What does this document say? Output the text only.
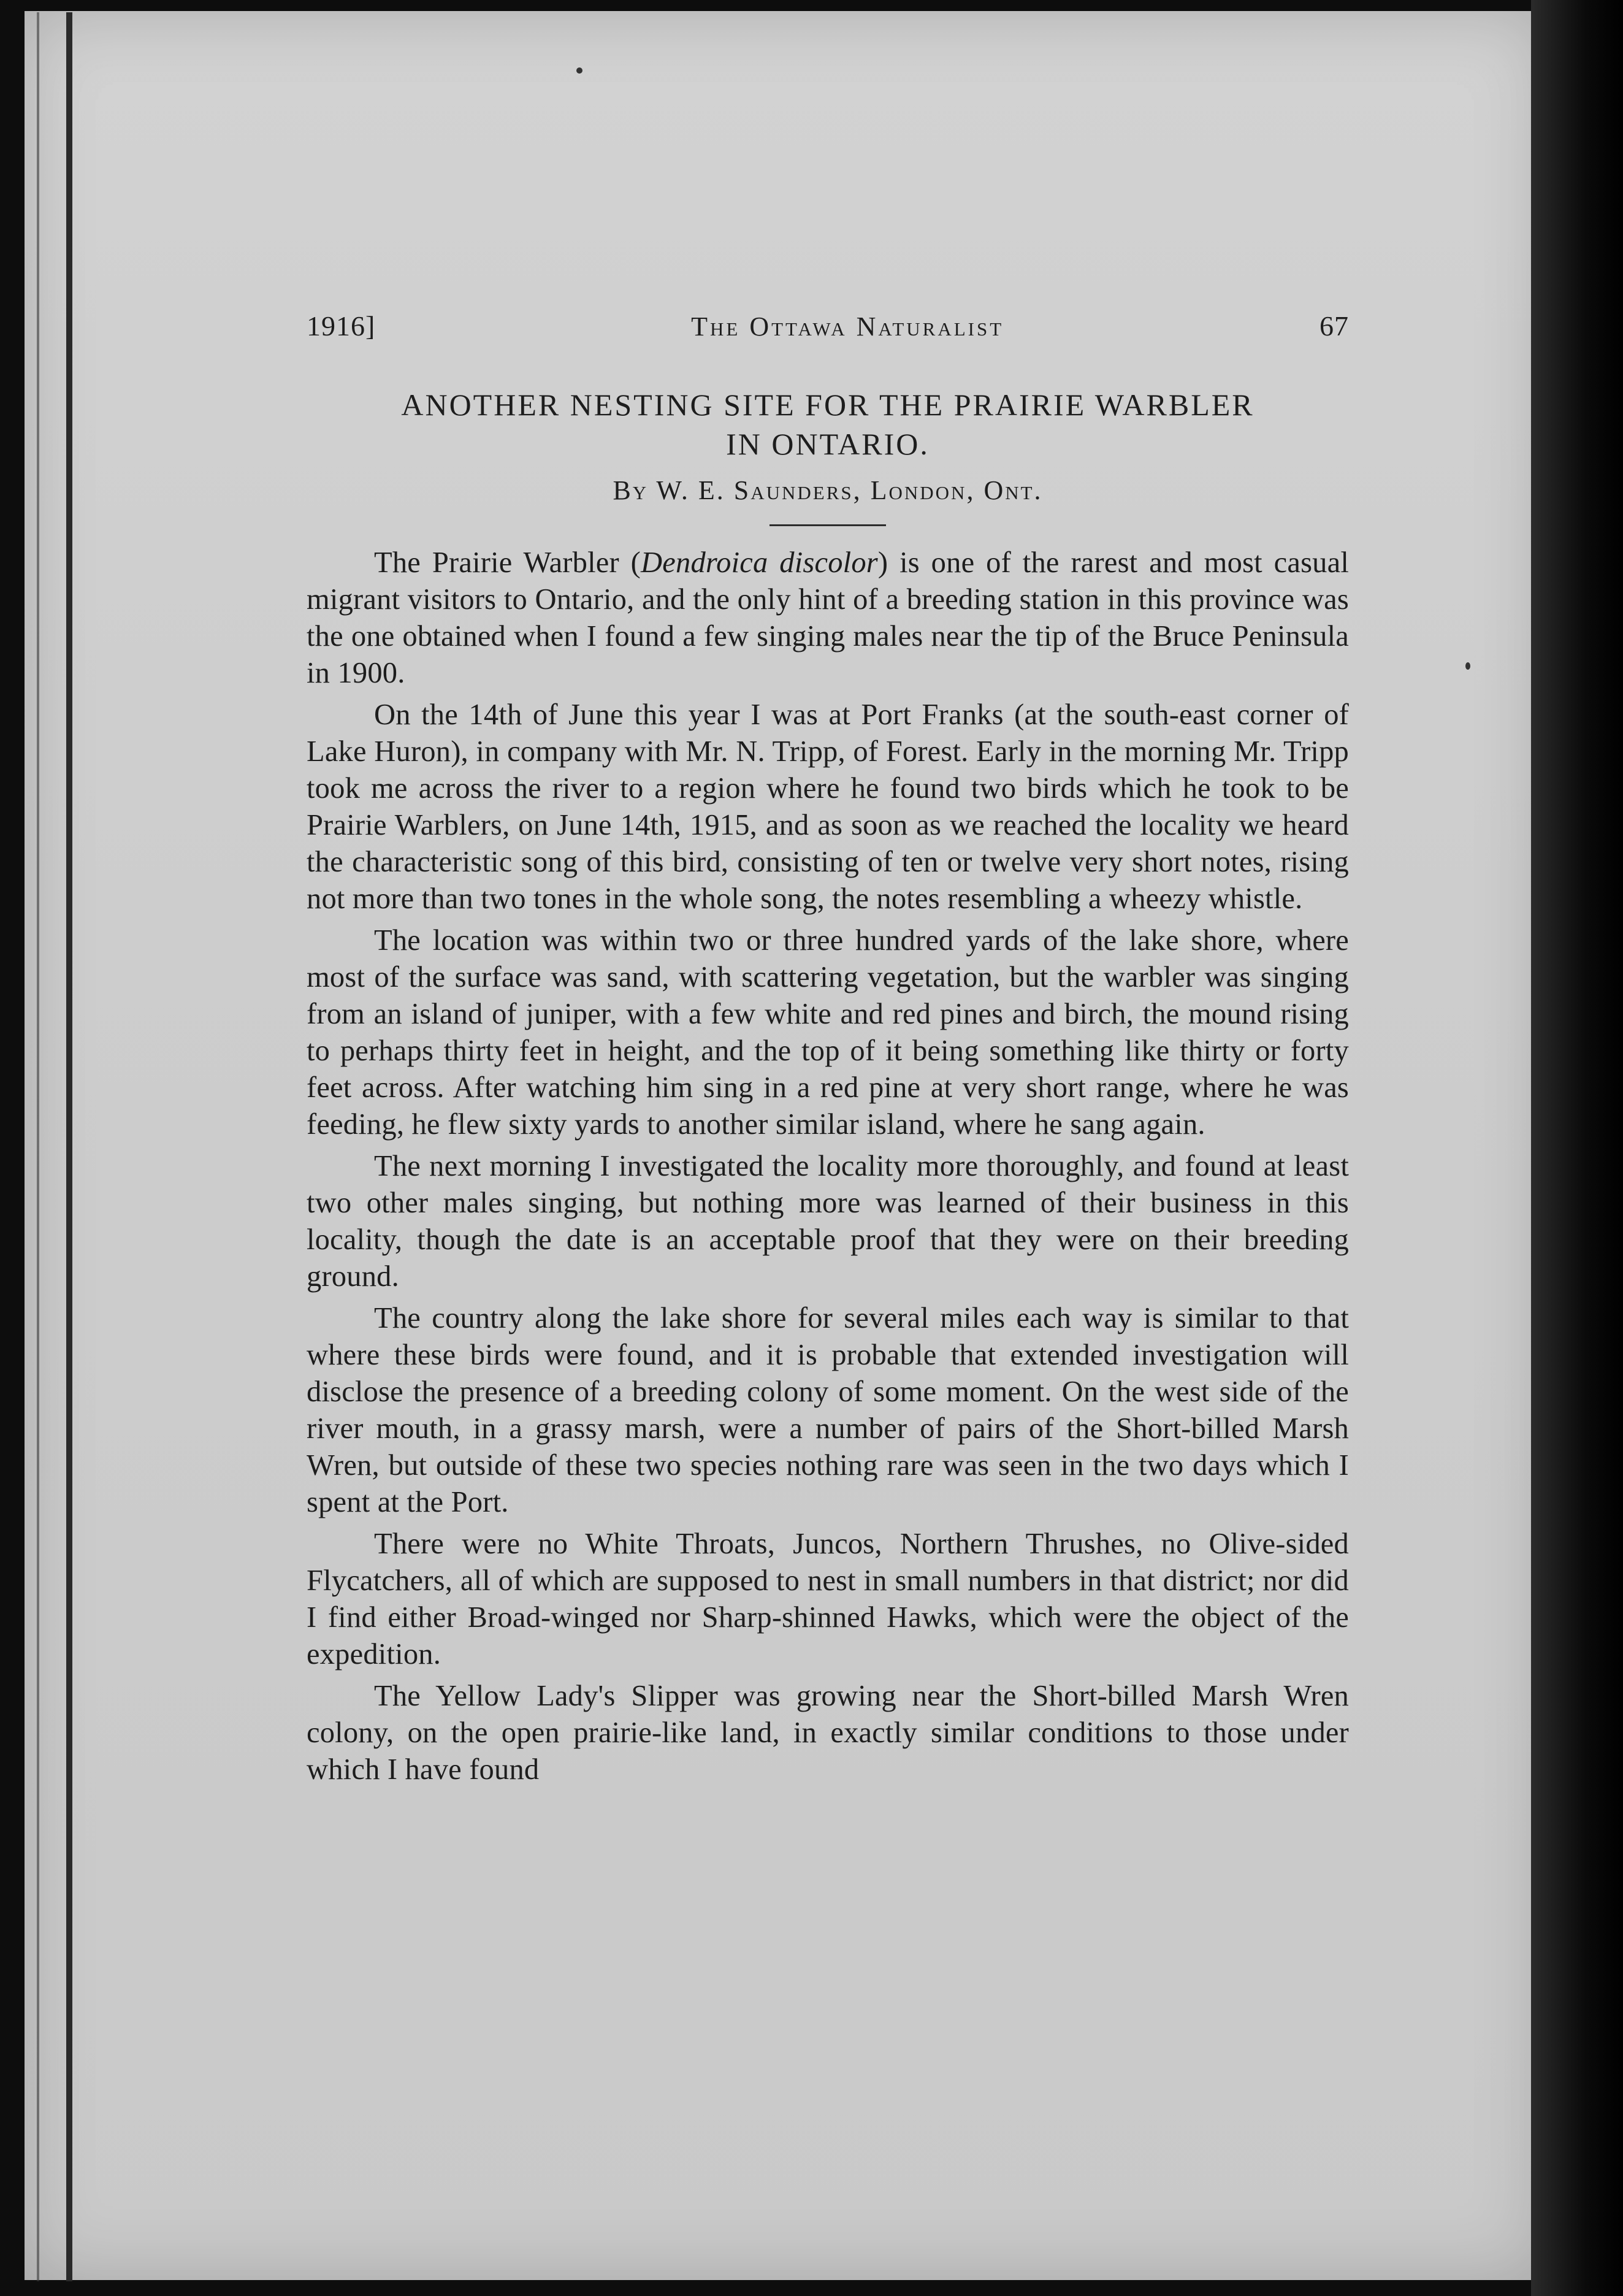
1916]	The Ottawa Naturalist	67
ANOTHER NESTING SITE FOR THE PRAIRIE WARBLER
IN ONTARIO.
By W. E. Saunders, London, Ont.

The Prairie Warbler (Dendroica discolor) is one of the rarest and most casual migrant visitors to Ontario, and the only hint of a breeding station in this province was the one obtained when I found a few singing males near the tip of the Bruce Peninsula in 1900.

On the 14th of June this year I was at Port Franks (at the south-east corner of Lake Huron), in company with Mr. N. Tripp, of Forest. Early in the morning Mr. Tripp took me across the river to a region where he found two birds which he took to be Prairie Warblers, on June 14th, 1915, and as soon as we reached the locality we heard the characteristic song of this bird, consisting of ten or twelve very short notes, rising not more than two tones in the whole song, the notes resembling a wheezy whistle.

The location was within two or three hundred yards of the lake shore, where most of the surface was sand, with scattering vegetation, but the warbler was singing from an island of juniper, with a few white and red pines and birch, the mound rising to perhaps thirty feet in height, and the top of it being something like thirty or forty feet across. After watching him sing in a red pine at very short range, where he was feeding, he flew sixty yards to another similar island, where he sang again.

The next morning I investigated the locality more thoroughly, and found at least two other males singing, but nothing more was learned of their business in this locality, though the date is an acceptable proof that they were on their breeding ground.

The country along the lake shore for several miles each way is similar to that where these birds were found, and it is probable that extended investigation will disclose the presence of a breeding colony of some moment. On the west side of the river mouth, in a grassy marsh, were a number of pairs of the Short-billed Marsh Wren, but outside of these two species nothing rare was seen in the two days which I spent at the Port.

There were no White Throats, Juncos, Northern Thrushes, no Olive-sided Flycatchers, all of which are supposed to nest in small numbers in that district; nor did I find either Broad-winged nor Sharp-shinned Hawks, which were the object of the expedition.

The Yellow Lady's Slipper was growing near the Short-billed Marsh Wren colony, on the open prairie-like land, in exactly similar conditions to those under which I have found
